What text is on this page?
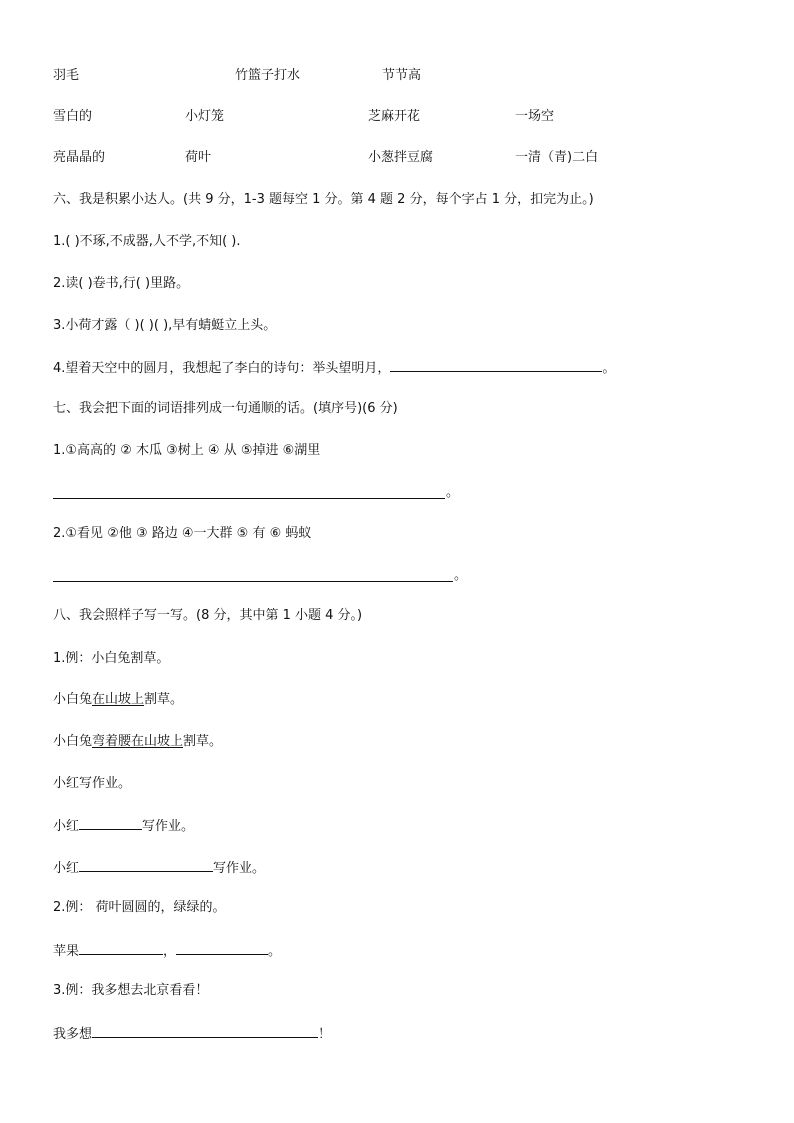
羽毛	竹篮子打水	节节高
雪白的	小灯笼	芝麻开花	一场空
亮晶晶的	荷叶	小葱拌豆腐	一清（青)二白
六、我是积累小达人。(共 9 分，1-3 题每空 1 分。第 4 题 2 分，每个字占 1 分，扣完为止。)
1.( )不琢,不成器,人不学,不知( ).
2.读( )卷书,行( )里路。
3.小荷才露（ )( )( ),早有蜻蜓立上头。
4.望着天空中的圆月，我想起了李白的诗句：举头望明月，	。
七、我会把下面的词语排列成一句通顺的话。(填序号)(6 分)
1.①高高的 ② 木瓜 ③树上 ④ 从 ⑤掉进 ⑥湖里
。
2.①看见 ②他 ③ 路边 ④一大群 ⑤ 有 ⑥ 蚂蚁
。
八、我会照样子写一写。(8 分，其中第 1 小题 4 分。)
1.例：小白兔割草。
小白兔在山坡上割草。
小白兔弯着腰在山坡上割草。
小红写作业。
小红	写作业。
小红	写作业。
2.例： 荷叶圆圆的，绿绿的。
苹果	，	。
3.例：我多想去北京看看！
我多想	！
